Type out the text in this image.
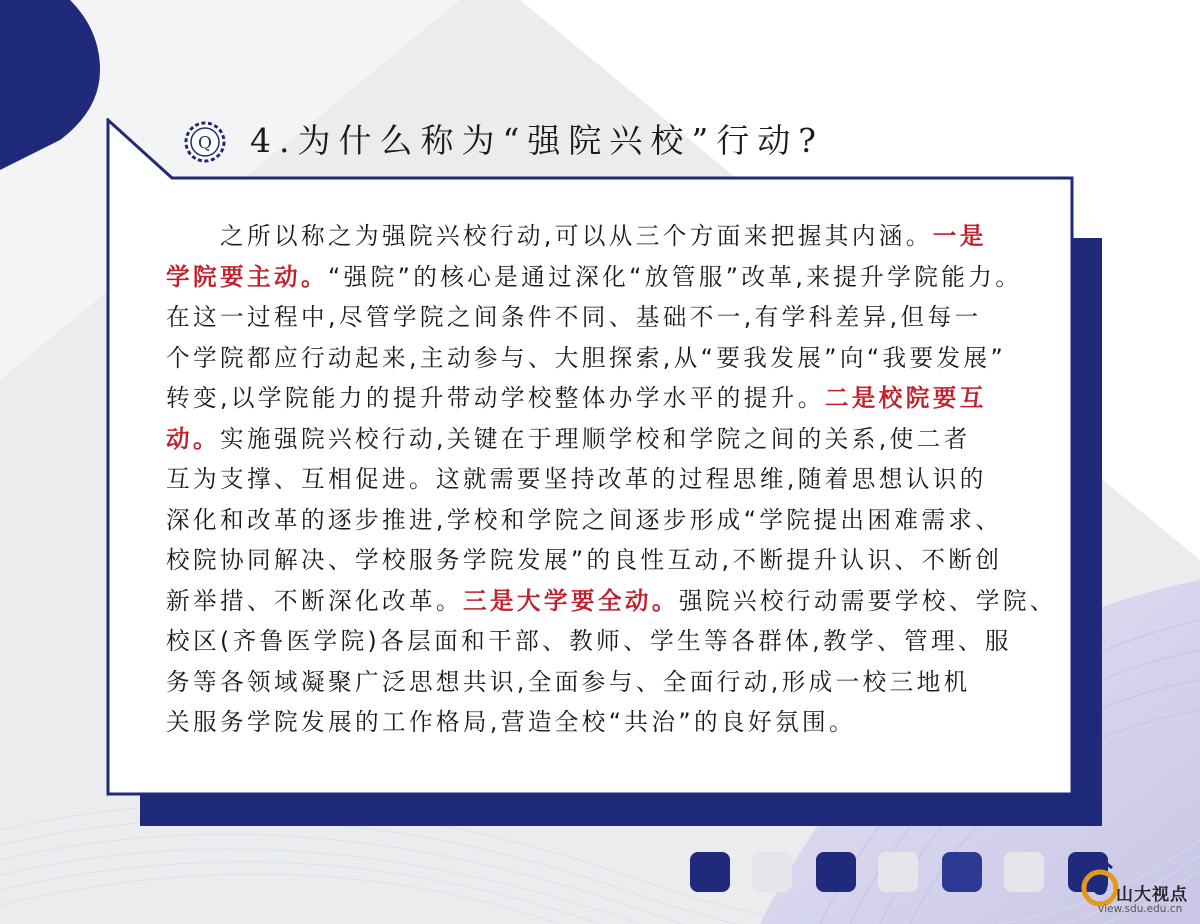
Q 4.为什么称为“强院兴校”行动?
之所以称之为强院兴校行动,可以从三个方面来把握其内涵。一是
学院要主动。“强院”的核心是通过深化“放管服”改革,来提升学院能力。
在这一过程中,尽管学院之间条件不同、基础不一,有学科差异,但每一
个学院都应行动起来,主动参与、大胆探索,从“要我发展”向“我要发展”
转变,以学院能力的提升带动学校整体办学水平的提升。二是校院要互
动。实施强院兴校行动,关键在于理顺学校和学院之间的关系,使二者
互为支撑、互相促进。这就需要坚持改革的过程思维,随着思想认识的
深化和改革的逐步推进,学校和学院之间逐步形成“学院提出困难需求、
校院协同解决、学校服务学院发展”的良性互动,不断提升认识、不断创
新举措、不断深化改革。三是大学要全动。强院兴校行动需要学校、学院、
校区(齐鲁医学院)各层面和干部、教师、学生等各群体,教学、管理、服
务等各领域凝聚广泛思想共识,全面参与、全面行动,形成一校三地机
关服务学院发展的工作格局,营造全校“共治”的良好氛围。
山大视点
view.sdu.edu.cn
